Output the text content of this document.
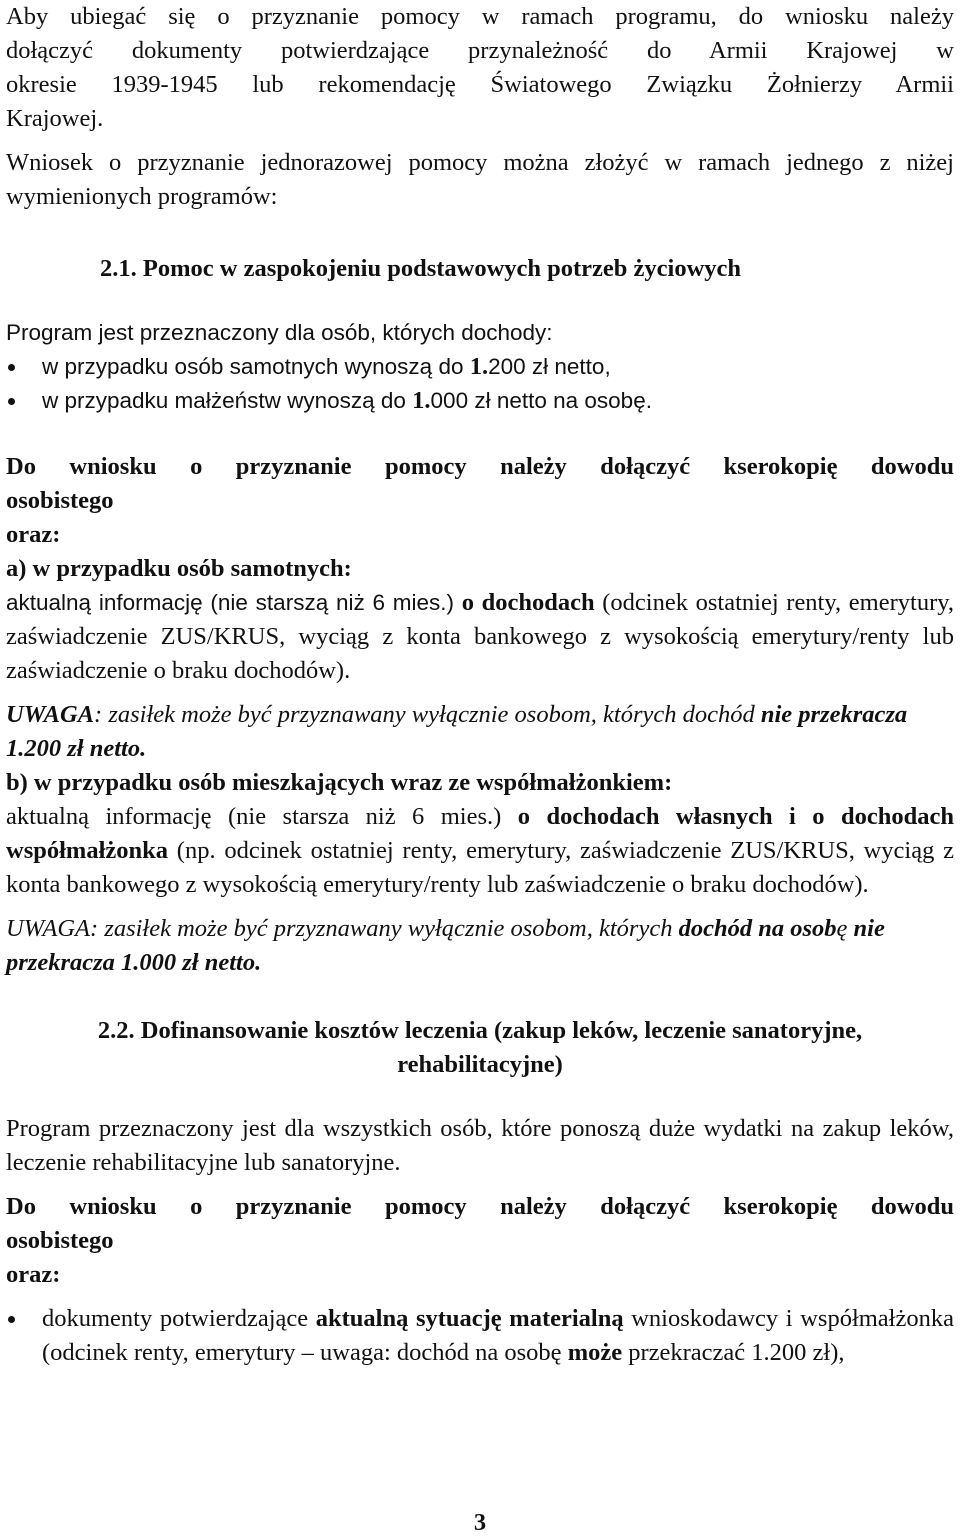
Aby ubiegać się o przyznanie pomocy w ramach programu, do wniosku należy

dołączyć dokumenty potwierdzające przynależność do Armii Krajowej w

okresie 1939-1945 lub rekomendację Światowego Związku Żołnierzy Armii

Krajowej.

Wniosek o przyznanie jednorazowej pomocy można złożyć w ramach jednego z niżej wymienionych programów:

2.1. Pomoc w zaspokojeniu podstawowych potrzeb życiowych

Program jest przeznaczony dla osób, których dochody:

w przypadku osób samotnych wynoszą do 1.200 zł netto,
w przypadku małżeństw wynoszą do 1.000 zł netto na osobę.

Do wniosku o przyznanie pomocy należy dołączyć kserokopię dowodu

osobistego

oraz:

a) w przypadku osób samotnych:

aktualną informację (nie starszą niż 6 mies.) o dochodach (odcinek ostatniej renty, emerytury, zaświadczenie ZUS/KRUS, wyciąg z konta bankowego z wysokością emerytury/renty lub zaświadczenie o braku dochodów).

UWAGA: zasiłek może być przyznawany wyłącznie osobom, których dochód nie przekracza 1.200 zł netto.

b) w przypadku osób mieszkających wraz ze współmałżonkiem:

aktualną informację (nie starsza niż 6 mies.) o dochodach własnych i o dochodach współmałżonka (np. odcinek ostatniej renty, emerytury, zaświadczenie ZUS/KRUS, wyciąg z konta bankowego z wysokością emerytury/renty lub zaświadczenie o braku dochodów).

UWAGA: zasiłek może być przyznawany wyłącznie osobom, których dochód na osobę nie przekracza 1.000 zł netto.

2.2. Dofinansowanie kosztów leczenia (zakup leków, leczenie sanatoryjne,

rehabilitacyjne)

Program przeznaczony jest dla wszystkich osób, które ponoszą duże wydatki na zakup leków, leczenie rehabilitacyjne lub sanatoryjne.

Do wniosku o przyznanie pomocy należy dołączyć kserokopię dowodu

osobistego

oraz:

dokumenty potwierdzające aktualną sytuację materialną wnioskodawcy i współmałżonka (odcinek renty, emerytury – uwaga: dochód na osobę może przekraczać 1.200 zł),
3
